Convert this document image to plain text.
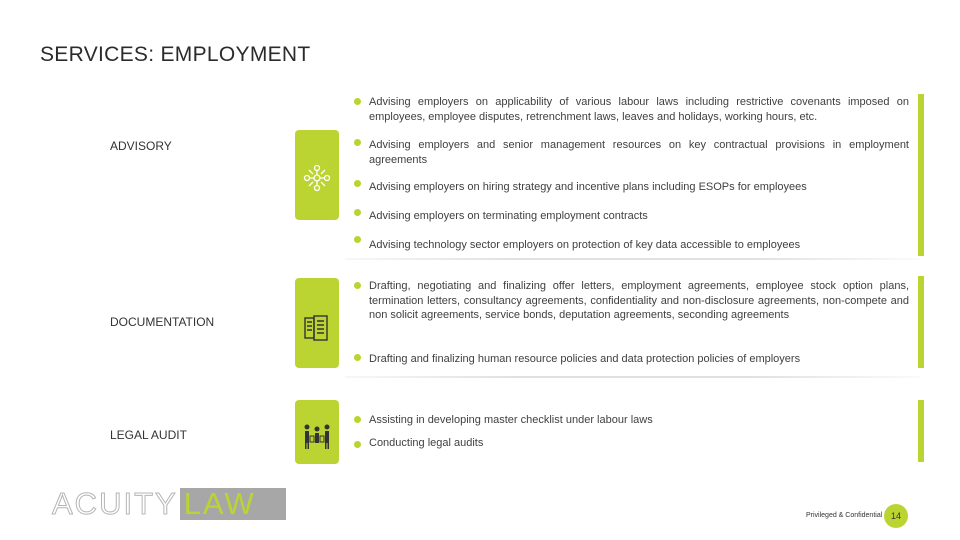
SERVICES: EMPLOYMENT
ADVISORY
Advising employers on applicability of various labour laws including restrictive covenants imposed on employees, employee disputes, retrenchment laws, leaves and holidays, working hours, etc.
Advising employers and senior management resources on key contractual provisions in employment agreements
Advising employers on hiring strategy and incentive plans including ESOPs for employees
Advising employers on terminating employment contracts
Advising technology sector employers on protection of key data accessible to employees
DOCUMENTATION
Drafting, negotiating and finalizing offer letters, employment agreements, employee stock option plans, termination letters, consultancy agreements, confidentiality and non-disclosure agreements, non-compete and non solicit agreements, service bonds, deputation agreements, seconding agreements
Drafting and finalizing human resource policies and data protection policies of employers
LEGAL AUDIT
Assisting in developing master checklist under labour laws
Conducting legal audits
ACUITY LAW	Privileged & Confidential 14
